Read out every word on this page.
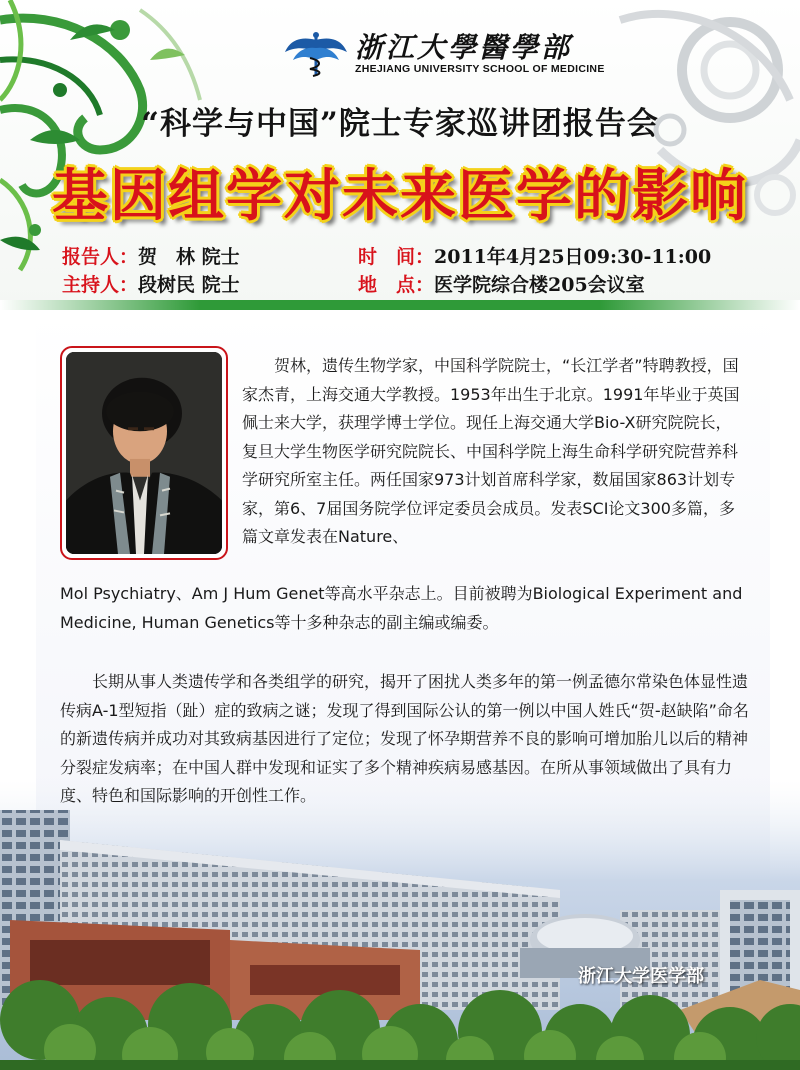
浙江大學醫學部
ZHEJIANG UNIVERSITY SCHOOL OF MEDICINE
“科学与中国”院士专家巡讲团报告会
基因组学对未来医学的影响
报告人：贺　林 院士
主持人：段树民 院士
时　间：2011年4月25日09:30-11:00
地　点：医学院综合楼205会议室
浙江大学医学部

贺林，遗传生物学家，中国科学院院士，“长江学者”特聘教授，国家杰青，上海交通大学教授。1953年出生于北京。1991年毕业于英国佩士来大学，获理学博士学位。现任上海交通大学Bio-X研究院院长，复旦大学生物医学研究院院长、中国科学院上海生命科学研究院营养科学研究所室主任。两任国家973计划首席科学家，数届国家863计划专家，第6、7届国务院学位评定委员会成员。发表SCI论文300多篇，多篇文章发表在Nature、

Mol Psychiatry、Am J Hum Genet等高水平杂志上。目前被聘为Biological Experiment and Medicine, Human Genetics等十多种杂志的副主编或编委。

长期从事人类遗传学和各类组学的研究，揭开了困扰人类多年的第一例孟德尔常染色体显性遗传病A-1型短指（趾）症的致病之谜；发现了得到国际公认的第一例以中国人姓氏“贺-赵缺陷”命名的新遗传病并成功对其致病基因进行了定位；发现了怀孕期营养不良的影响可增加胎儿以后的精神分裂症发病率；在中国人群中发现和证实了多个精神疾病易感基因。在所从事领域做出了具有力度、特色和国际影响的开创性工作。
